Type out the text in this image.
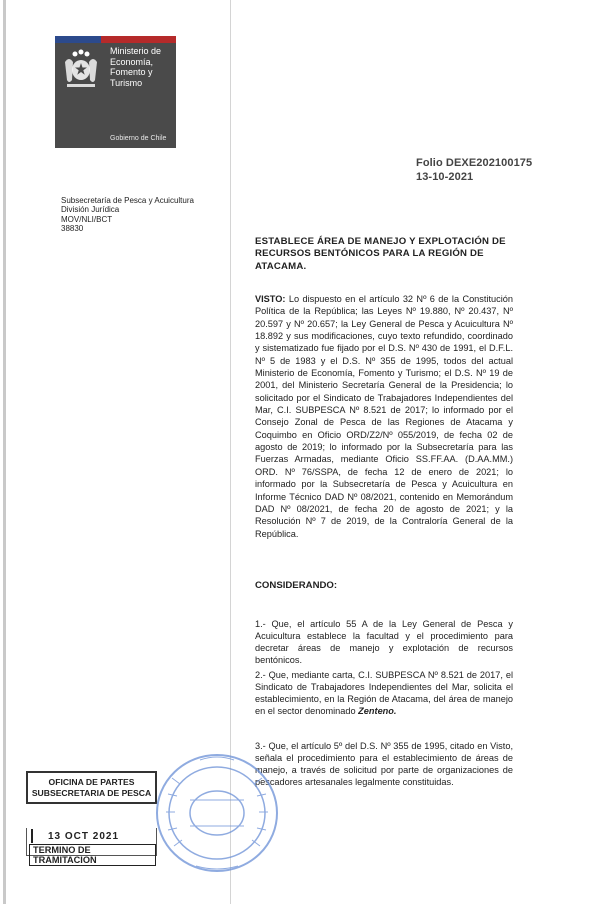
Ministerio de
Economía,
Fomento y
Turismo
Gobierno de Chile
Folio DEXE202100175
13-10-2021
Subsecretaría de Pesca y Acuicultura
División Jurídica
MOV/NLI/BCT
38830
ESTABLECE ÁREA DE MANEJO Y EXPLOTACIÓN DE RECURSOS BENTÓNICOS PARA LA REGIÓN DE ATACAMA.
VISTO: Lo dispuesto en el artículo 32 Nº 6 de la Constitución Política de la República; las Leyes Nº 19.880, Nº 20.437, Nº 20.597 y Nº 20.657; la Ley General de Pesca y Acuicultura Nº 18.892 y sus modificaciones, cuyo texto refundido, coordinado y sistematizado fue fijado por el D.S. Nº 430 de 1991, el D.F.L. Nº 5 de 1983 y el D.S. Nº 355 de 1995, todos del actual Ministerio de Economía, Fomento y Turismo; el D.S. Nº 19 de 2001, del Ministerio Secretaría General de la Presidencia; lo solicitado por el Sindicato de Trabajadores Independientes del Mar, C.I. SUBPESCA Nº 8.521 de 2017; lo informado por el Consejo Zonal de Pesca de las Regiones de Atacama y Coquimbo en Oficio ORD/Z2/Nº 055/2019, de fecha 02 de agosto de 2019; lo informado por la Subsecretaría para las Fuerzas Armadas, mediante Oficio SS.FF.AA. (D.AA.MM.) ORD. Nº 76/SSPA, de fecha 12 de enero de 2021; lo informado por la Subsecretaría de Pesca y Acuicultura en Informe Técnico DAD Nº 08/2021, contenido en Memorándum DAD Nº 08/2021, de fecha 20 de agosto de 2021; y la Resolución Nº 7 de 2019, de la Contraloría General de la República.
CONSIDERANDO:
1.- Que, el artículo 55 A de la Ley General de Pesca y Acuicultura establece la facultad y el procedimiento para decretar áreas de manejo y explotación de recursos bentónicos.
2.- Que, mediante carta, C.I. SUBPESCA Nº 8.521 de 2017, el Sindicato de Trabajadores Independientes del Mar, solicita el establecimiento, en la Región de Atacama, del área de manejo en el sector denominado Zenteno.
3.- Que, el artículo 5º del D.S. Nº 355 de 1995, citado en Visto, señala el procedimiento para el establecimiento de áreas de manejo, a través de solicitud por parte de organizaciones de pescadores artesanales legalmente constituidas.
OFICINA DE PARTES
SUBSECRETARIA DE PESCA
TERMINO DE TRAMITACION
13 OCT 2021
